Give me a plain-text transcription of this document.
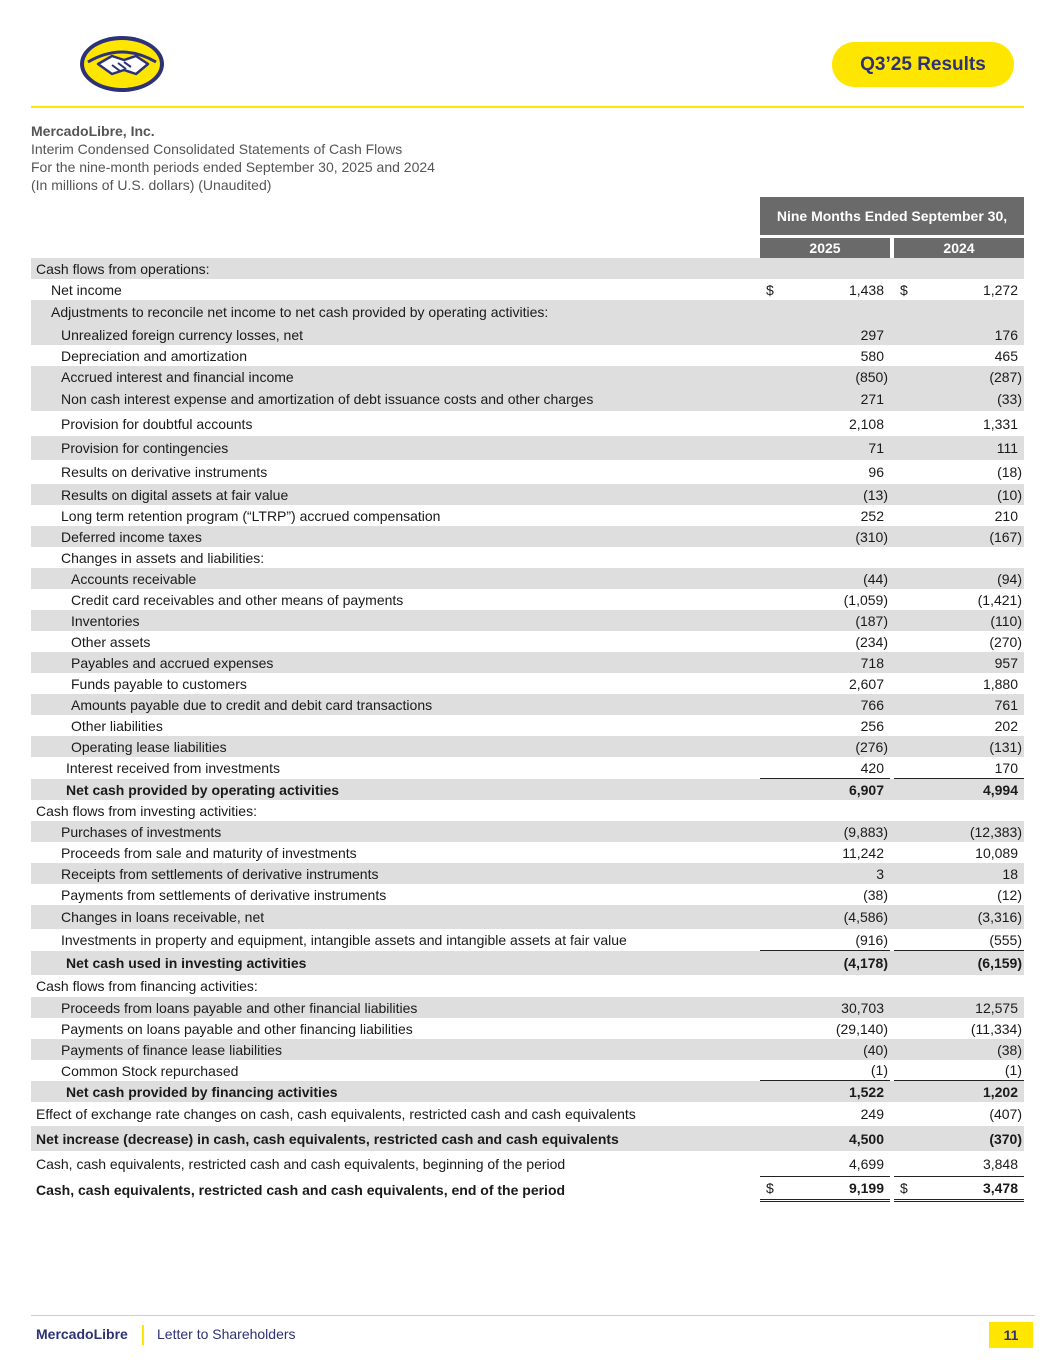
Q3’25 Results
MercadoLibre, Inc.
Interim Condensed Consolidated Statements of Cash Flows
For the nine-month periods ended September 30, 2025 and 2024
(In millions of U.S. dollars) (Unaudited)
Nine Months Ended September 30,
2025	2024
Cash flows from operations:
Net income	$	1,438 $	1,272
Adjustments to reconcile net income to net cash provided by operating activities:
Unrealized foreign currency losses, net	297	176
Depreciation and amortization	580	465
Accrued interest and financial income	(850)	(287)
Non cash interest expense and amortization of debt issuance costs and other charges	271	(33)
Provision for doubtful accounts	2,108	1,331
Provision for contingencies	71	111
Results on derivative instruments	96	(18)
Results on digital assets at fair value	(13)	(10)
Long term retention program (“LTRP”) accrued compensation	252	210
Deferred income taxes	(310)	(167)
Changes in assets and liabilities:
Accounts receivable	(44)	(94)
Credit card receivables and other means of payments	(1,059)	(1,421)
Inventories	(187)	(110)
Other assets	(234)	(270)
Payables and accrued expenses	718	957
Funds payable to customers	2,607	1,880
Amounts payable due to credit and debit card transactions	766	761
Other liabilities	256	202
Operating lease liabilities	(276)	(131)
Interest received from investments	420	170
Net cash provided by operating activities	6,907	4,994
Cash flows from investing activities:
Purchases of investments	(9,883)	(12,383)
Proceeds from sale and maturity of investments	11,242	10,089
Receipts from settlements of derivative instruments	3	18
Payments from settlements of derivative instruments	(38)	(12)
Changes in loans receivable, net	(4,586)	(3,316)
Investments in property and equipment, intangible assets and intangible assets at fair value	(916)	(555)
Net cash used in investing activities	(4,178)	(6,159)
Cash flows from financing activities:
Proceeds from loans payable and other financial liabilities	30,703	12,575
Payments on loans payable and other financing liabilities	(29,140)	(11,334)
Payments of finance lease liabilities	(40)	(38)
Common Stock repurchased	(1)	(1)
Net cash provided by financing activities	1,522	1,202
Effect of exchange rate changes on cash, cash equivalents, restricted cash and cash equivalents	249	(407)
Net increase (decrease) in cash, cash equivalents, restricted cash and cash equivalents	4,500	(370)
Cash, cash equivalents, restricted cash and cash equivalents, beginning of the period	4,699	3,848
Cash, cash equivalents, restricted cash and cash equivalents, end of the period	$	9,199 $	3,478
MercadoLibre Letter to Shareholders	11
